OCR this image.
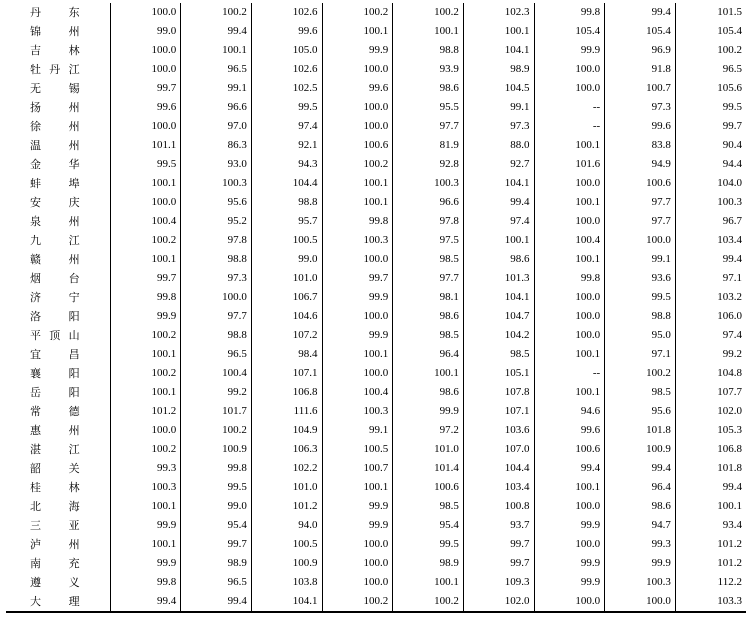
丹　东	100.0	100.2	102.6	100.2	100.2	102.3	99.8	99.4	101.5
锦　州	99.0	99.4	99.6	100.1	100.1	100.1	105.4	105.4	105.4
吉　林	100.0	100.1	105.0	99.9	98.8	104.1	99.9	96.9	100.2
牡丹江	100.0	96.5	102.6	100.0	93.9	98.9	100.0	91.8	96.5
无　锡	99.7	99.1	102.5	99.6	98.6	104.5	100.0	100.7	105.6
扬　州	99.6	96.6	99.5	100.0	95.5	99.1	--	97.3	99.5
徐　州	100.0	97.0	97.4	100.0	97.7	97.3	--	99.6	99.7
温　州	101.1	86.3	92.1	100.6	81.9	88.0	100.1	83.8	90.4
金　华	99.5	93.0	94.3	100.2	92.8	92.7	101.6	94.9	94.4
蚌　埠	100.1	100.3	104.4	100.1	100.3	104.1	100.0	100.6	104.0
安　庆	100.0	95.6	98.8	100.1	96.6	99.4	100.1	97.7	100.3
泉　州	100.4	95.2	95.7	99.8	97.8	97.4	100.0	97.7	96.7
九　江	100.2	97.8	100.5	100.3	97.5	100.1	100.4	100.0	103.4
赣　州	100.1	98.8	99.0	100.0	98.5	98.6	100.1	99.1	99.4
烟　台	99.7	97.3	101.0	99.7	97.7	101.3	99.8	93.6	97.1
济　宁	99.8	100.0	106.7	99.9	98.1	104.1	100.0	99.5	103.2
洛　阳	99.9	97.7	104.6	100.0	98.6	104.7	100.0	98.8	106.0
平顶山	100.2	98.8	107.2	99.9	98.5	104.2	100.0	95.0	97.4
宜　昌	100.1	96.5	98.4	100.1	96.4	98.5	100.1	97.1	99.2
襄　阳	100.2	100.4	107.1	100.0	100.1	105.1	--	100.2	104.8
岳　阳	100.1	99.2	106.8	100.4	98.6	107.8	100.1	98.5	107.7
常　德	101.2	101.7	111.6	100.3	99.9	107.1	94.6	95.6	102.0
惠　州	100.0	100.2	104.9	99.1	97.2	103.6	99.6	101.8	105.3
湛　江	100.2	100.9	106.3	100.5	101.0	107.0	100.6	100.9	106.8
韶　关	99.3	99.8	102.2	100.7	101.4	104.4	99.4	99.4	101.8
桂　林	100.3	99.5	101.0	100.1	100.6	103.4	100.1	96.4	99.4
北　海	100.1	99.0	101.2	99.9	98.5	100.8	100.0	98.6	100.1
三　亚	99.9	95.4	94.0	99.9	95.4	93.7	99.9	94.7	93.4
泸　州	100.1	99.7	100.5	100.0	99.5	99.7	100.0	99.3	101.2
南　充	99.9	98.9	100.9	100.0	98.9	99.7	99.9	99.9	101.2
遵　义	99.8	96.5	103.8	100.0	100.1	109.3	99.9	100.3	112.2
大　理	99.4	99.4	104.1	100.2	100.2	102.0	100.0	100.0	103.3
